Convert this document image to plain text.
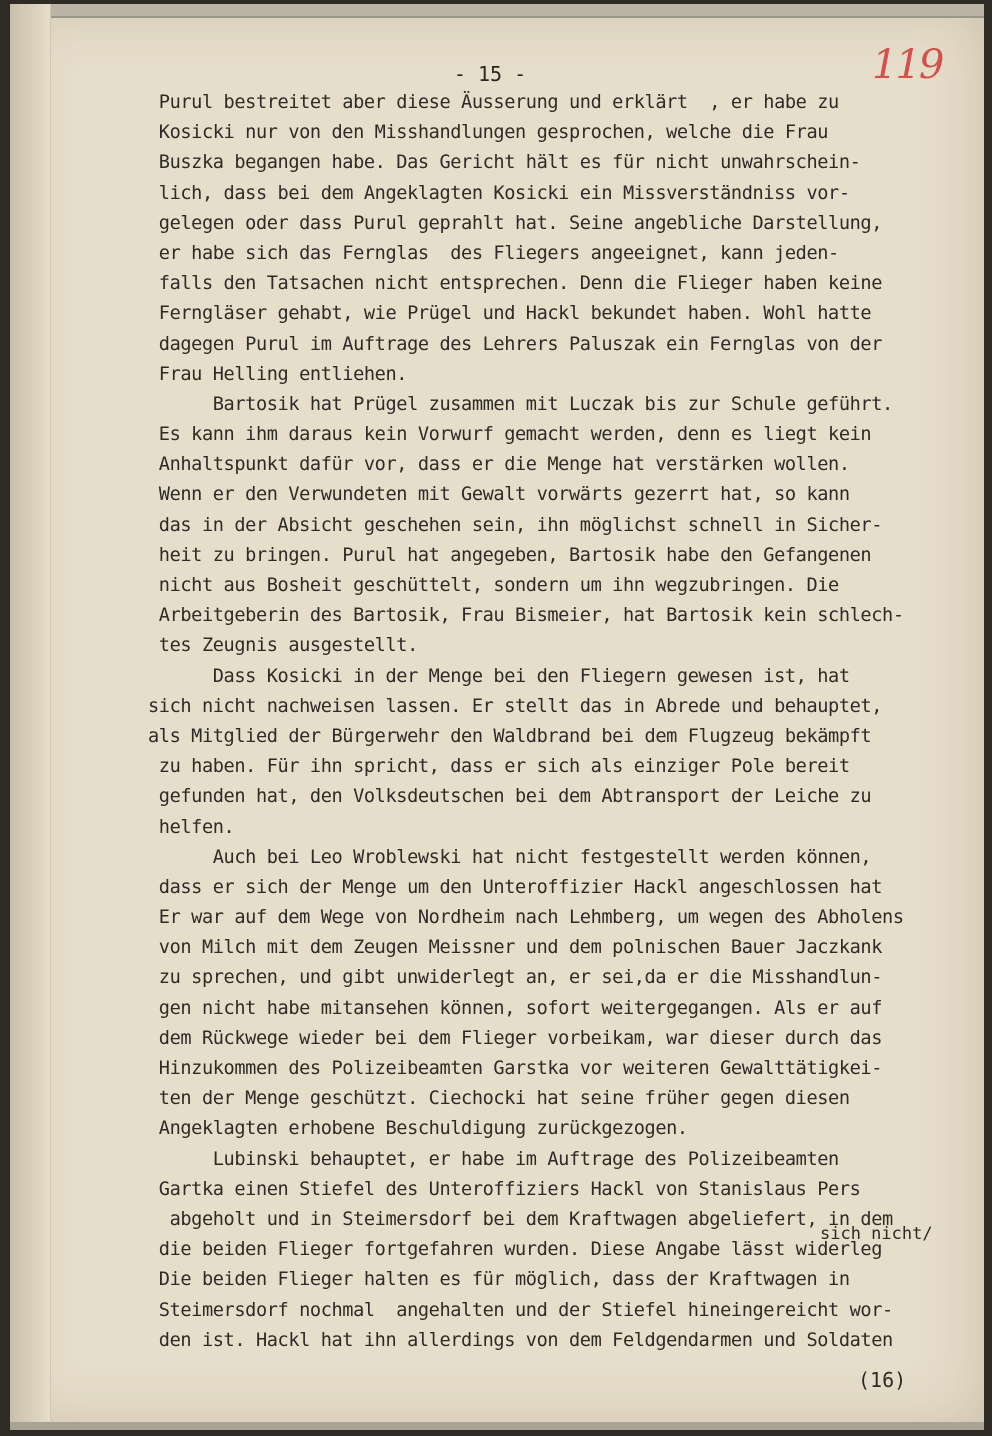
- 15 -	119
Purul bestreitet aber diese Äusserung und erklärt  , er habe zu
Kosicki nur von den Misshandlungen gesprochen, welche die Frau
Buszka begangen habe. Das Gericht hält es für nicht unwahrschein-
lich, dass bei dem Angeklagten Kosicki ein Missverständniss vor-
gelegen oder dass Purul geprahlt hat. Seine angebliche Darstellung,
er habe sich das Fernglas  des Fliegers angeeignet, kann jeden-
falls den Tatsachen nicht entsprechen. Denn die Flieger haben keine
Ferngläser gehabt, wie Prügel und Hackl bekundet haben. Wohl hatte
dagegen Purul im Auftrage des Lehrers Paluszak ein Fernglas von der
Frau Helling entliehen.
Bartosik hat Prügel zusammen mit Luczak bis zur Schule geführt.
Es kann ihm daraus kein Vorwurf gemacht werden, denn es liegt kein
Anhaltspunkt dafür vor, dass er die Menge hat verstärken wollen.
Wenn er den Verwundeten mit Gewalt vorwärts gezerrt hat, so kann
das in der Absicht geschehen sein, ihn möglichst schnell in Sicher-
heit zu bringen. Purul hat angegeben, Bartosik habe den Gefangenen
nicht aus Bosheit geschüttelt, sondern um ihn wegzubringen. Die
Arbeitgeberin des Bartosik, Frau Bismeier, hat Bartosik kein schlech-
tes Zeugnis ausgestellt.
Dass Kosicki in der Menge bei den Fliegern gewesen ist, hat
sich nicht nachweisen lassen. Er stellt das in Abrede und behauptet,
als Mitglied der Bürgerwehr den Waldbrand bei dem Flugzeug bekämpft
zu haben. Für ihn spricht, dass er sich als einziger Pole bereit
gefunden hat, den Volksdeutschen bei dem Abtransport der Leiche zu
helfen.
Auch bei Leo Wroblewski hat nicht festgestellt werden können,
dass er sich der Menge um den Unteroffizier Hackl angeschlossen hat
Er war auf dem Wege von Nordheim nach Lehmberg, um wegen des Abholens
von Milch mit dem Zeugen Meissner und dem polnischen Bauer Jaczkank
zu sprechen, und gibt unwiderlegt an, er sei,da er die Misshandlun-
gen nicht habe mitansehen können, sofort weitergegangen. Als er auf
dem Rückwege wieder bei dem Flieger vorbeikam, war dieser durch das
Hinzukommen des Polizeibeamten Garstka vor weiteren Gewalttätigkei-
ten der Menge geschützt. Ciechocki hat seine früher gegen diesen
Angeklagten erhobene Beschuldigung zurückgezogen.
Lubinski behauptet, er habe im Auftrage des Polizeibeamten
Gartka einen Stiefel des Unteroffiziers Hackl von Stanislaus Pers
abgeholt und in Steimersdorf bei dem Kraftwagen abgeliefert, in dem
die beiden Flieger fortgefahren wurden. Diese Angabe lässt widerleg
Die beiden Flieger halten es für möglich, dass der Kraftwagen in
Steimersdorf nochmal  angehalten und der Stiefel hineingereicht wor-
den ist. Hackl hat ihn allerdings von dem Feldgendarmen und Soldaten
sich nicht/
(16)
